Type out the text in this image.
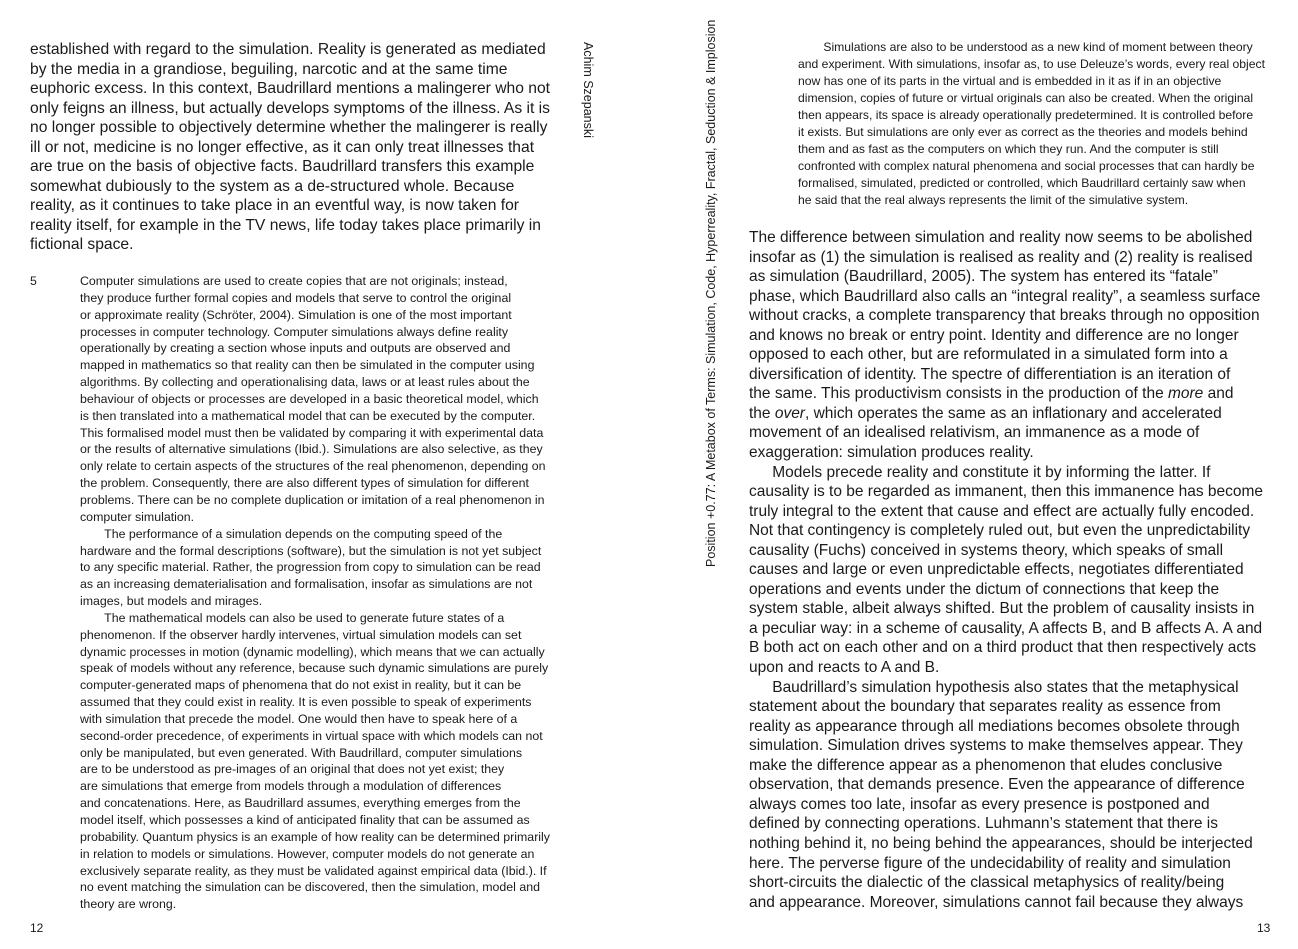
established with regard to the simulation. Reality is generated as mediated
by the media in a grandiose, beguiling, narcotic and at the same time
euphoric excess. In this context, Baudrillard mentions a malingerer who not
only feigns an illness, but actually develops symptoms of the illness. As it is
no longer possible to objectively determine whether the malingerer is really
ill or not, medicine is no longer effective, as it can only treat illnesses that
are true on the basis of objective facts. Baudrillard transfers this example
somewhat dubiously to the system as a de-structured whole. Because
reality, as it continues to take place in an eventful way, is now taken for
reality itself, for example in the TV news, life today takes place primarily in
fictional space.
5	Computer simulations are used to create copies that are not originals; instead,
they produce further formal copies and models that serve to control the original
or approximate reality (Schröter, 2004). Simulation is one of the most important
processes in computer technology. Computer simulations always define reality
operationally by creating a section whose inputs and outputs are observed and
mapped in mathematics so that reality can then be simulated in the computer using
algorithms. By collecting and operationalising data, laws or at least rules about the
behaviour of objects or processes are developed in a basic theoretical model, which
is then translated into a mathematical model that can be executed by the computer.
This formalised model must then be validated by comparing it with experimental data
or the results of alternative simulations (Ibid.). Simulations are also selective, as they
only relate to certain aspects of the structures of the real phenomenon, depending on
the problem. Consequently, there are also different types of simulation for different
problems. There can be no complete duplication or imitation of a real phenomenon in
computer simulation.
The performance of a simulation depends on the computing speed of the
hardware and the formal descriptions (software), but the simulation is not yet subject
to any specific material. Rather, the progression from copy to simulation can be read
as an increasing dematerialisation and formalisation, insofar as simulations are not
images, but models and mirages.
The mathematical models can also be used to generate future states of a
phenomenon. If the observer hardly intervenes, virtual simulation models can set
dynamic processes in motion (dynamic modelling), which means that we can actually
speak of models without any reference, because such dynamic simulations are purely
computer-generated maps of phenomena that do not exist in reality, but it can be
assumed that they could exist in reality. It is even possible to speak of experiments
with simulation that precede the model. One would then have to speak here of a
second-order precedence, of experiments in virtual space with which models can not
only be manipulated, but even generated. With Baudrillard, computer simulations
are to be understood as pre-images of an original that does not yet exist; they
are simulations that emerge from models through a modulation of differences
and concatenations. Here, as Baudrillard assumes, everything emerges from the
model itself, which possesses a kind of anticipated finality that can be assumed as
probability. Quantum physics is an example of how reality can be determined primarily
in relation to models or simulations. However, computer models do not generate an
exclusively separate reality, as they must be validated against empirical data (Ibid.). If
no event matching the simulation can be discovered, then the simulation, model and
theory are wrong.
12
Achim Szepanski	Position +0.77: A Metabox of Terms: Simulation, Code, Hyperreality, Fractal, Seduction & Implosion	Simulations are also to be understood as a new kind of moment between theory
and experiment. With simulations, insofar as, to use Deleuze’s words, every real object
now has one of its parts in the virtual and is embedded in it as if in an objective
dimension, copies of future or virtual originals can also be created. When the original
then appears, its space is already operationally predetermined. It is controlled before
it exists. But simulations are only ever as correct as the theories and models behind
them and as fast as the computers on which they run. And the computer is still
confronted with complex natural phenomena and social processes that can hardly be
formalised, simulated, predicted or controlled, which Baudrillard certainly saw when
he said that the real always represents the limit of the simulative system.
The difference between simulation and reality now seems to be abolished
insofar as (1) the simulation is realised as reality and (2) reality is realised
as simulation (Baudrillard, 2005). The system has entered its “fatale”
phase, which Baudrillard also calls an “integral reality”, a seamless surface
without cracks, a complete transparency that breaks through no opposition
and knows no break or entry point. Identity and difference are no longer
opposed to each other, but are reformulated in a simulated form into a
diversification of identity. The spectre of differentiation is an iteration of
the same. This productivism consists in the production of the more and
the over, which operates the same as an inflationary and accelerated
movement of an idealised relativism, an immanence as a mode of
exaggeration: simulation produces reality.
Models precede reality and constitute it by informing the latter. If
causality is to be regarded as immanent, then this immanence has become
truly integral to the extent that cause and effect are actually fully encoded.
Not that contingency is completely ruled out, but even the unpredictability
causality (Fuchs) conceived in systems theory, which speaks of small
causes and large or even unpredictable effects, negotiates differentiated
operations and events under the dictum of connections that keep the
system stable, albeit always shifted. But the problem of causality insists in
a peculiar way: in a scheme of causality, A affects B, and B affects A. A and
B both act on each other and on a third product that then respectively acts
upon and reacts to A and B.
Baudrillard’s simulation hypothesis also states that the metaphysical
statement about the boundary that separates reality as essence from
reality as appearance through all mediations becomes obsolete through
simulation. Simulation drives systems to make themselves appear. They
make the difference appear as a phenomenon that eludes conclusive
observation, that demands presence. Even the appearance of difference
always comes too late, insofar as every presence is postponed and
defined by connecting operations. Luhmann’s statement that there is
nothing behind it, no being behind the appearances, should be interjected
here. The perverse figure of the undecidability of reality and simulation
short-circuits the dialectic of the classical metaphysics of reality/being
and appearance. Moreover, simulations cannot fail because they always
13
